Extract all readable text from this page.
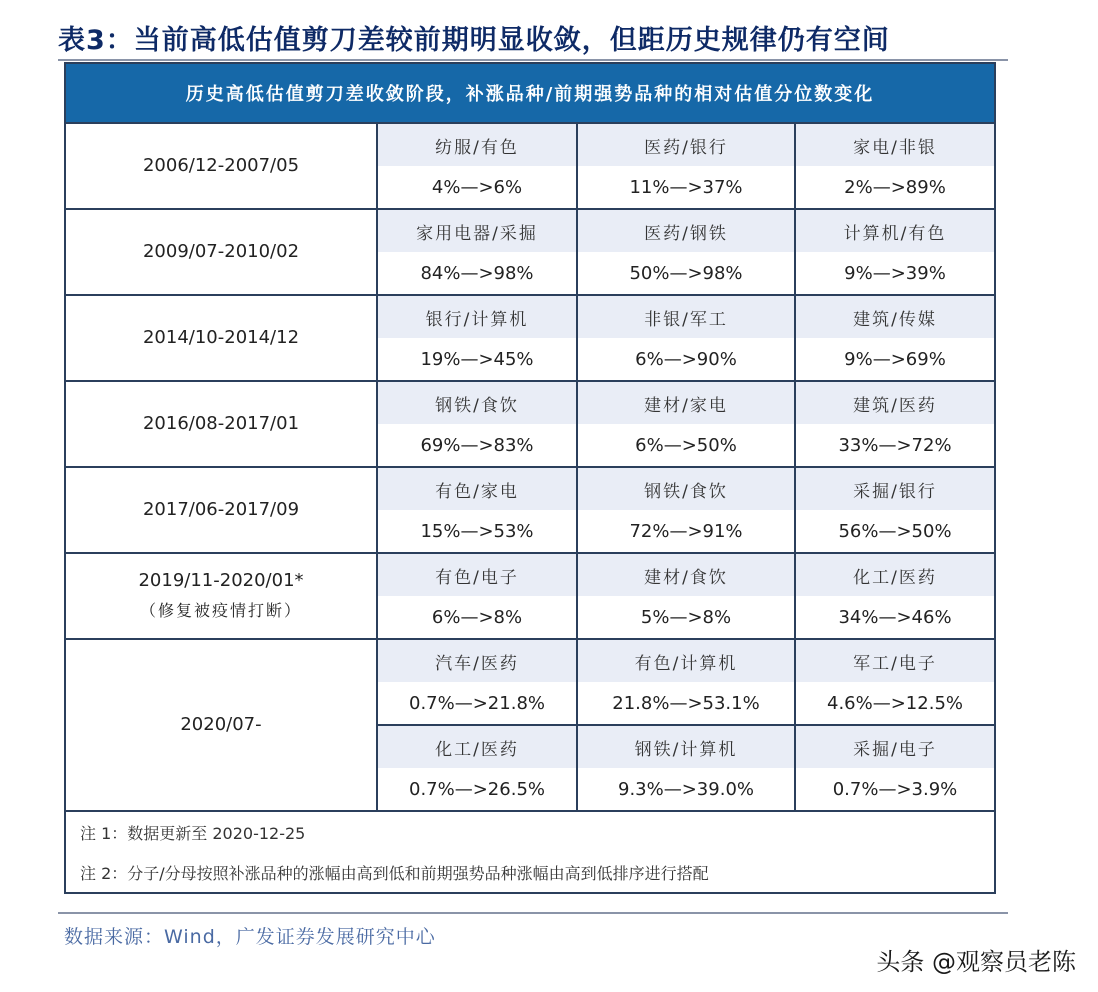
表3：当前高低估值剪刀差较前期明显收敛，但距历史规律仍有空间
历史高低估值剪刀差收敛阶段，补涨品种/前期强势品种的相对估值分位数变化			
2006/12-2007/05	纺服/有色	医药/银行	家电/非银
	4%—>6%	11%—>37%	2%—>89%
2009/07-2010/02	家用电器/采掘	医药/钢铁	计算机/有色
	84%—>98%	50%—>98%	9%—>39%
2014/10-2014/12	银行/计算机	非银/军工	建筑/传媒
	19%—>45%	6%—>90%	9%—>69%
2016/08-2017/01	钢铁/食饮	建材/家电	建筑/医药
	69%—>83%	6%—>50%	33%—>72%
2017/06-2017/09	有色/家电	钢铁/食饮	采掘/银行
	15%—>53%	72%—>91%	56%—>50%
2019/11-2020/01*
（修复被疫情打断）	有色/电子	建材/食饮	化工/医药
	6%—>8%	5%—>8%	34%—>46%
2020/07-	汽车/医药	有色/计算机	军工/电子
	0.7%—>21.8%	21.8%—>53.1%	4.6%—>12.5%
	化工/医药	钢铁/计算机	采掘/电子
	0.7%—>26.5%	9.3%—>39.0%	0.7%—>3.9%
注 1：数据更新至 2020-12-25			
注 2：分子/分母按照补涨品种的涨幅由高到低和前期强势品种涨幅由高到低排序进行搭配			
数据来源：Wind，广发证券发展研究中心
头条 @观察员老陈
